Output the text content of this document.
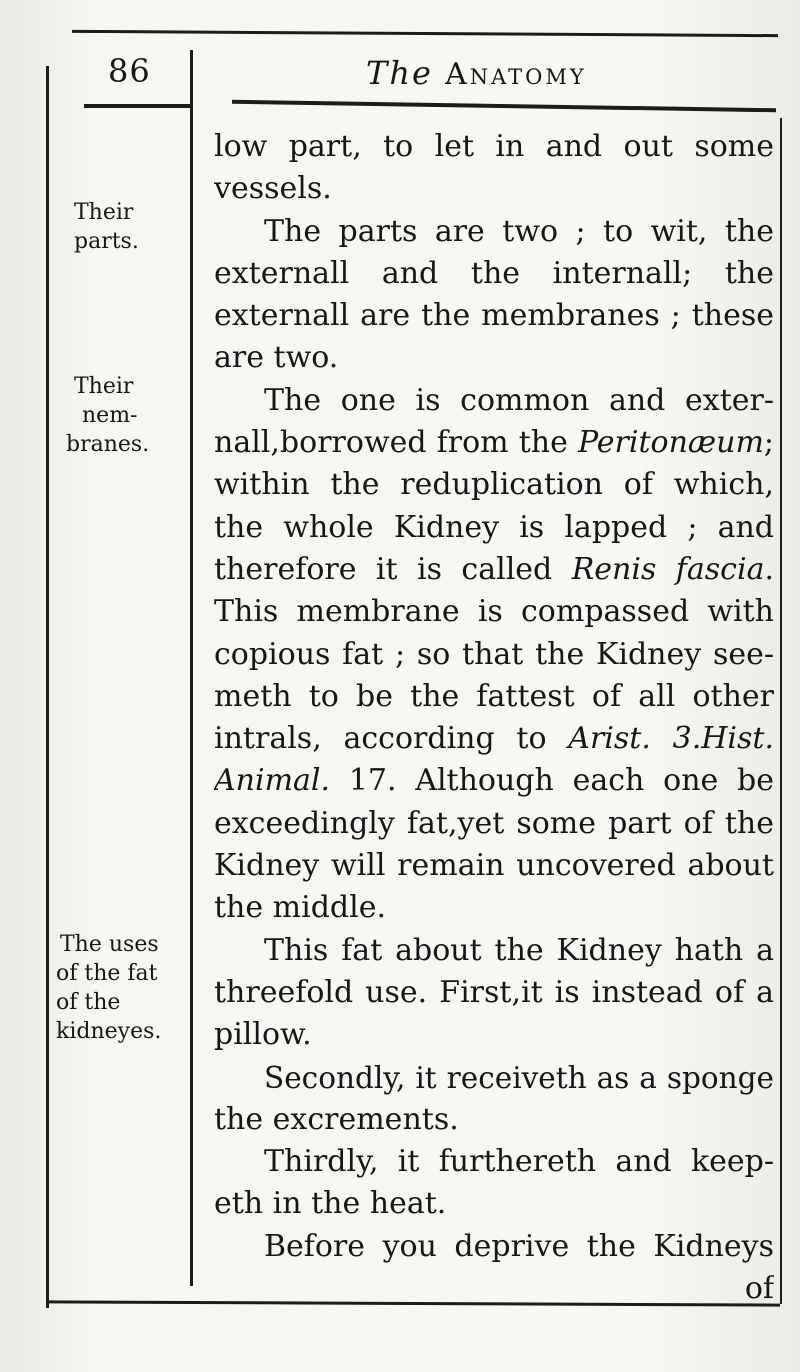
86	The Anatomy
Their
parts.
Their
nem-
branes.
The uses
of the fat
of the
kidneyes.
low part, to let in and out some
vessels.
The parts are two ; to wit, the
externall and the internall; the
externall are the membranes ; these
are two.
The one is common and exter-
nall,borrowed from the Peritonæum;
within the reduplication of which,
the whole Kidney is lapped ; and
therefore it is called Renis fascia.
This membrane is compassed with
copious fat ; so that the Kidney see-
meth to be the fattest of all other
intrals, according to Arist. 3.Hist.
Animal. 17. Although each one be
exceedingly fat,yet some part of the
Kidney will remain uncovered about
the middle.
This fat about the Kidney hath a
threefold use. First,it is instead of a
pillow.
Secondly, it receiveth as a sponge
the excrements.
Thirdly, it furthereth and keep-
eth in the heat.
Before you deprive the Kidneys
of
